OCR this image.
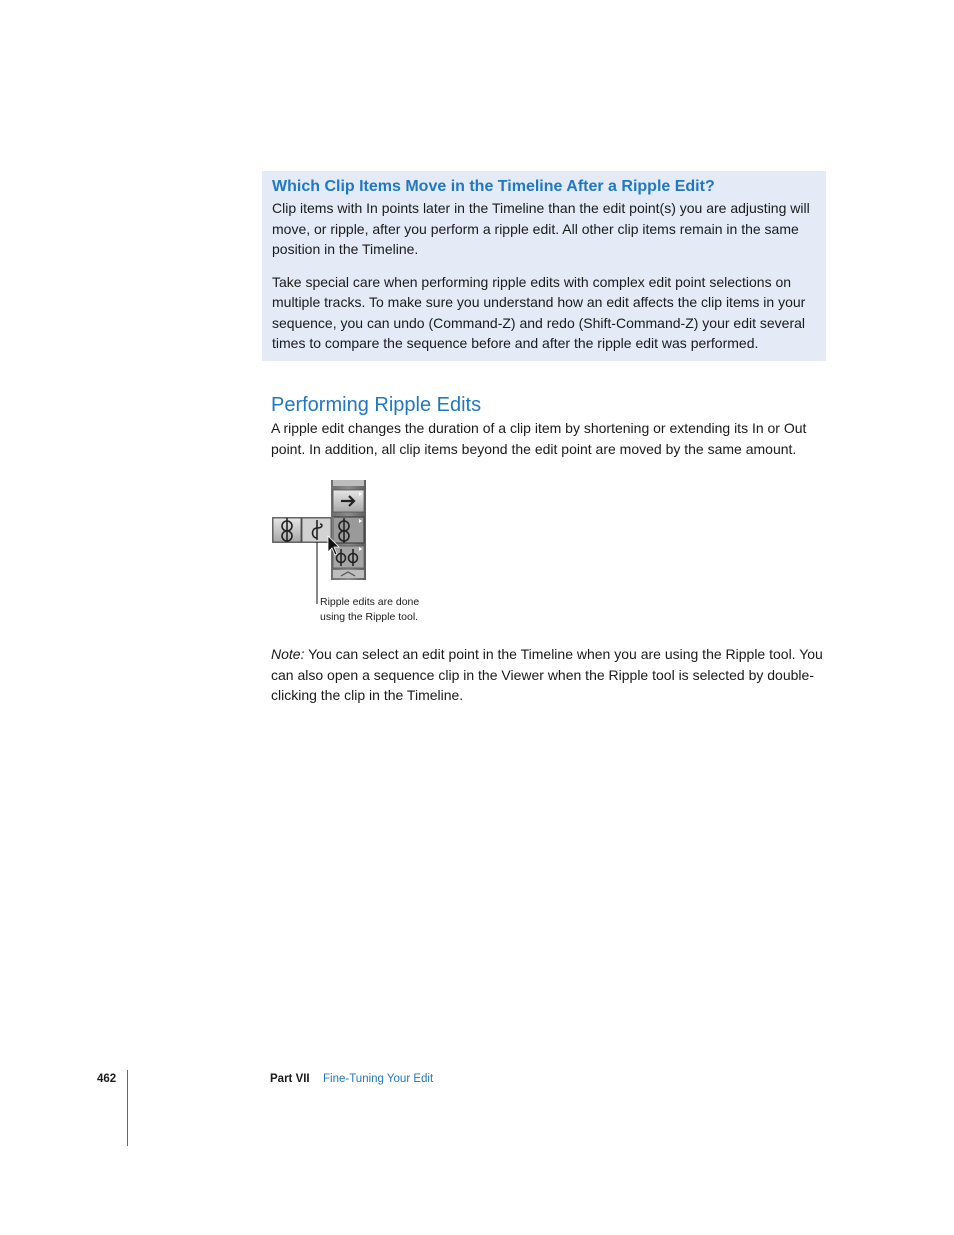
Which Clip Items Move in the Timeline After a Ripple Edit?

Clip items with In points later in the Timeline than the edit point(s) you are adjusting will move, or ripple, after you perform a ripple edit. All other clip items remain in the same position in the Timeline.

Take special care when performing ripple edits with complex edit point selections on multiple tracks. To make sure you understand how an edit affects the clip items in your sequence, you can undo (Command-Z) and redo (Shift-Command-Z) your edit several times to compare the sequence before and after the ripple edit was performed.

Performing Ripple Edits

A ripple edit changes the duration of a clip item by shortening or extending its In or Out point. In addition, all clip items beyond the edit point are moved by the same amount.

Ripple edits are done
using the Ripple tool.

Note: You can select an edit point in the Timeline when you are using the Ripple tool. You can also open a sequence clip in the Viewer when the Ripple tool is selected by double-clicking the clip in the Timeline.

462	Part VII Fine-Tuning Your Edit
